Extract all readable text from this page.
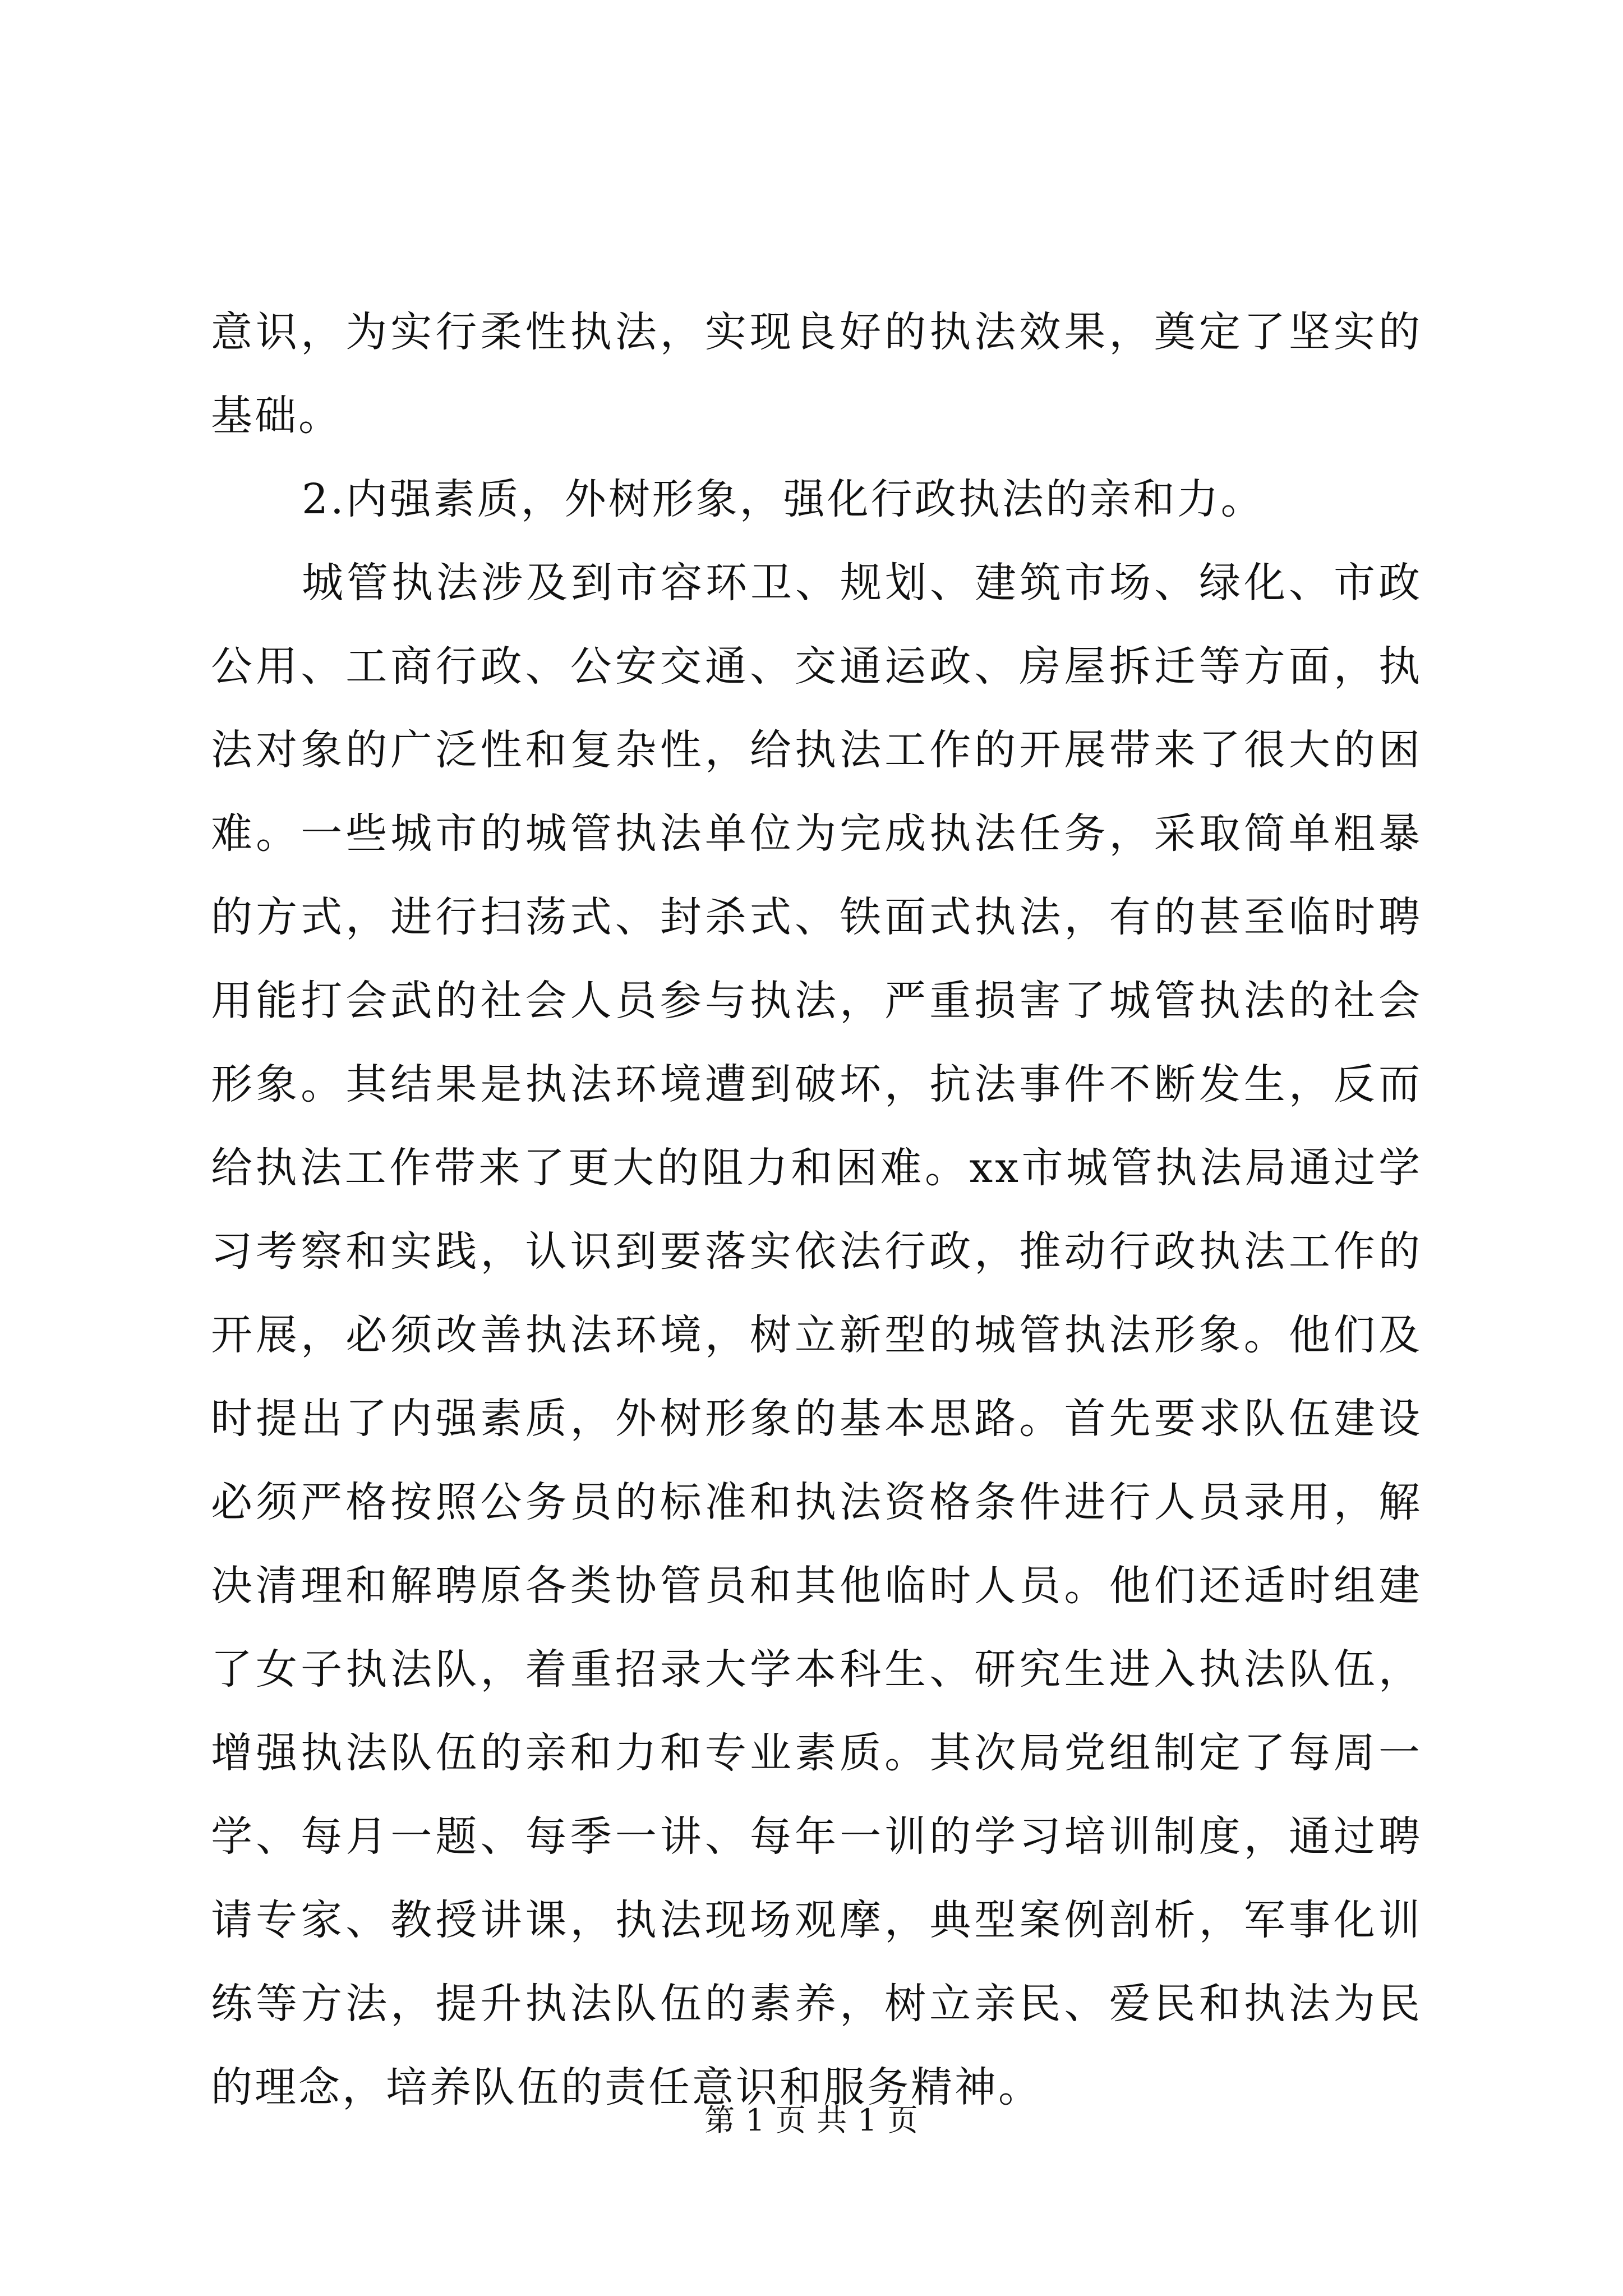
意识，为实行柔性执法，实现良好的执法效果，奠定了坚实的基础。

2.内强素质，外树形象，强化行政执法的亲和力。

城管执法涉及到市容环卫、规划、建筑市场、绿化、市政公用、工商行政、公安交通、交通运政、房屋拆迁等方面，执法对象的广泛性和复杂性，给执法工作的开展带来了很大的困难。一些城市的城管执法单位为完成执法任务，采取简单粗暴的方式，进行扫荡式、封杀式、铁面式执法，有的甚至临时聘用能打会武的社会人员参与执法，严重损害了城管执法的社会形象。其结果是执法环境遭到破坏，抗法事件不断发生，反而给执法工作带来了更大的阻力和困难。xx市城管执法局通过学习考察和实践，认识到要落实依法行政，推动行政执法工作的开展，必须改善执法环境，树立新型的城管执法形象。他们及时提出了内强素质，外树形象的基本思路。首先要求队伍建设必须严格按照公务员的标准和执法资格条件进行人员录用，解决清理和解聘原各类协管员和其他临时人员。他们还适时组建了女子执法队，着重招录大学本科生、研究生进入执法队伍，增强执法队伍的亲和力和专业素质。其次局党组制定了每周一学、每月一题、每季一讲、每年一训的学习培训制度，通过聘请专家、教授讲课，执法现场观摩，典型案例剖析，军事化训练等方法，提升执法队伍的素养，树立亲民、爱民和执法为民的理念，培养队伍的责任意识和服务精神。

第 1 页 共 1 页
